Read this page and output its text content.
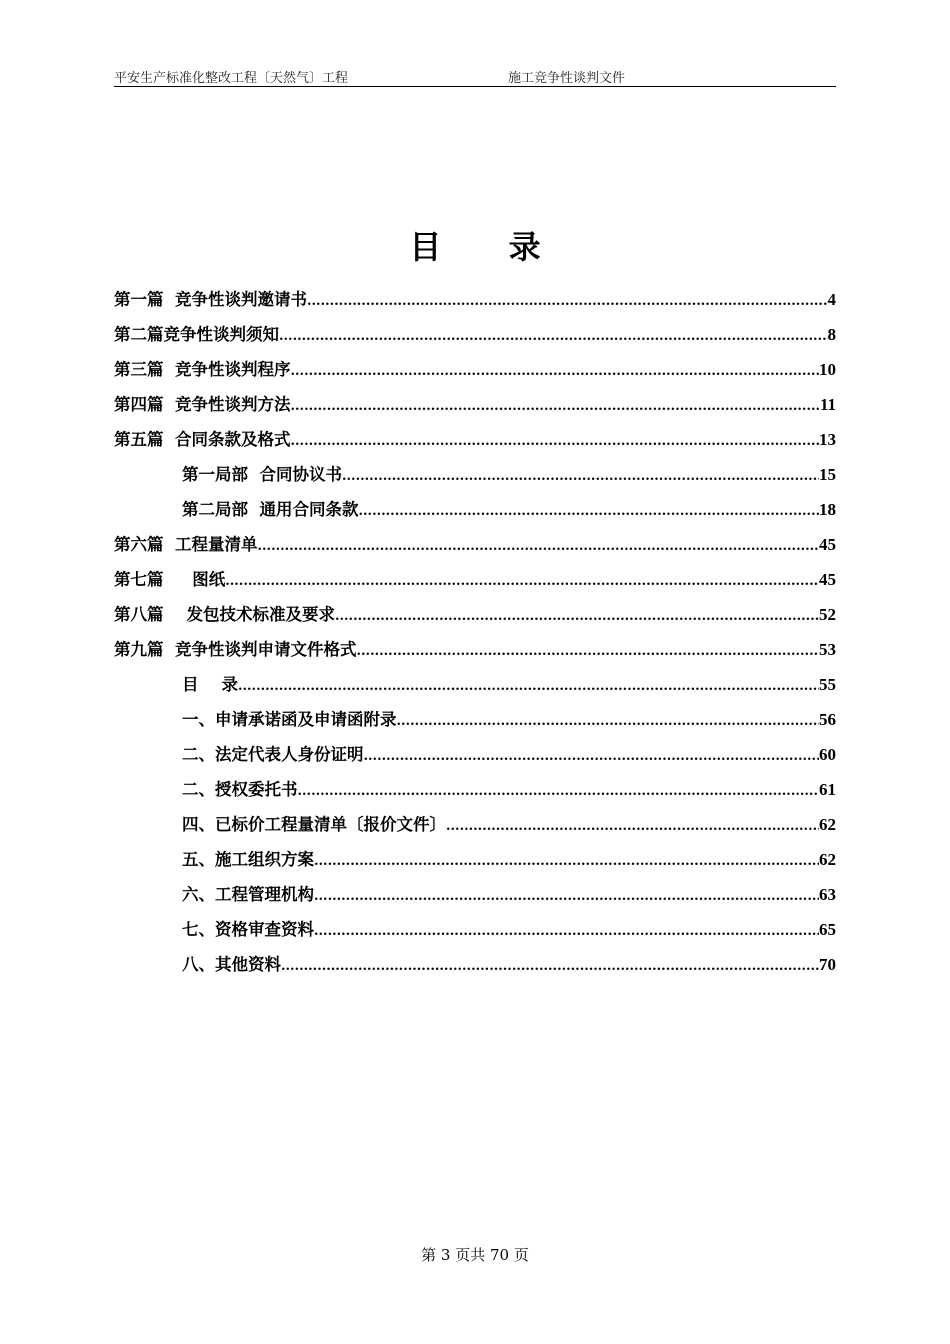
平安生产标准化整改工程〔天然气〕工程	施工竞争性谈判文件
目 录
第一篇  竞争性谈判邀请书 .....	4
第二篇竞争性谈判须知 .....	8
第三篇  竞争性谈判程序 .....	10
第四篇  竞争性谈判方法 .....	11
第五篇  合同条款及格式 .....	13
第一局部  合同协议书 .....	15
第二局部  通用合同条款 .....	18
第六篇  工程量清单 .....	45
第七篇     图纸 .....	45
第八篇    发包技术标准及要求 .....	52
第九篇  竞争性谈判申请文件格式 .....	53
目    录 .....	55
一、申请承诺函及申请函附录 .....	56
二、法定代表人身份证明 .....	60
二、授权委托书 .....	61
四、已标价工程量清单〔报价文件〕 .....	62
五、施工组织方案 .....	62
六、工程管理机构 .....	63
七、资格审查资料 .....	65
八、其他资料 .....	70
第 3 页共 70 页
